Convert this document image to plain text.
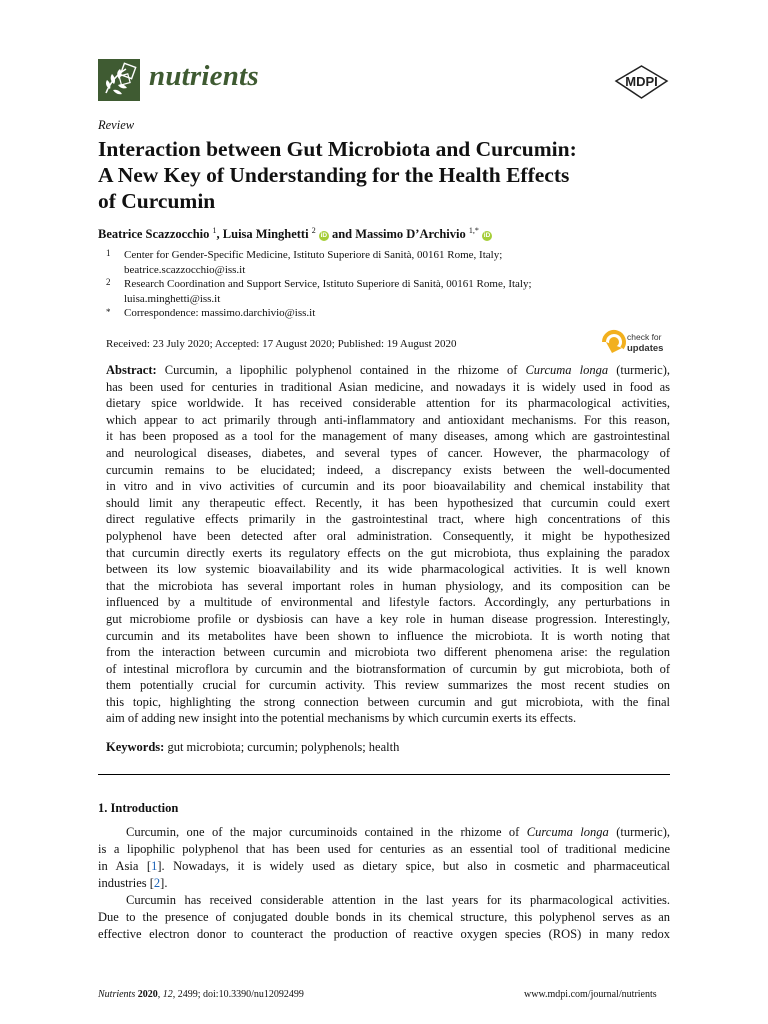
nutrients	MDPI
Review
Interaction between Gut Microbiota and Curcumin:
A New Key of Understanding for the Health Effects
of Curcumin
Beatrice Scazzocchio $^1$, Luisa Minghetti $^2$ iD and Massimo D’Archivio $^{1,*}$ iD
1 Center for Gender-Specific Medicine, Istituto Superiore di Sanità, 00161 Rome, Italy;
beatrice.scazzocchio@iss.it
2 Research Coordination and Support Service, Istituto Superiore di Sanità, 00161 Rome, Italy;
luisa.minghetti@iss.it
* Correspondence: massimo.darchivio@iss.it
Received: 23 July 2020; Accepted: 17 August 2020; Published: 19 August 2020
check for
updates
Abstract: Curcumin, a lipophilic polyphenol contained in the rhizome of Curcuma longa (turmeric),
has been used for centuries in traditional Asian medicine, and nowadays it is widely used in food as
dietary spice worldwide. It has received considerable attention for its pharmacological activities,
which appear to act primarily through anti-inflammatory and antioxidant mechanisms. For this reason,
it has been proposed as a tool for the management of many diseases, among which are gastrointestinal
and neurological diseases, diabetes, and several types of cancer. However, the pharmacology of
curcumin remains to be elucidated; indeed, a discrepancy exists between the well-documented
in vitro and in vivo activities of curcumin and its poor bioavailability and chemical instability that
should limit any therapeutic effect. Recently, it has been hypothesized that curcumin could exert
direct regulative effects primarily in the gastrointestinal tract, where high concentrations of this
polyphenol have been detected after oral administration. Consequently, it might be hypothesized
that curcumin directly exerts its regulatory effects on the gut microbiota, thus explaining the paradox
between its low systemic bioavailability and its wide pharmacological activities. It is well known
that the microbiota has several important roles in human physiology, and its composition can be
influenced by a multitude of environmental and lifestyle factors. Accordingly, any perturbations in
gut microbiome profile or dysbiosis can have a key role in human disease progression. Interestingly,
curcumin and its metabolites have been shown to influence the microbiota. It is worth noting that
from the interaction between curcumin and microbiota two different phenomena arise: the regulation
of intestinal microflora by curcumin and the biotransformation of curcumin by gut microbiota, both of
them potentially crucial for curcumin activity. This review summarizes the most recent studies on
this topic, highlighting the strong connection between curcumin and gut microbiota, with the final
aim of adding new insight into the potential mechanisms by which curcumin exerts its effects.
Keywords: gut microbiota; curcumin; polyphenols; health
1. Introduction
Curcumin, one of the major curcuminoids contained in the rhizome of Curcuma longa (turmeric),
is a lipophilic polyphenol that has been used for centuries as an essential tool of traditional medicine
in Asia [1]. Nowadays, it is widely used as dietary spice, but also in cosmetic and pharmaceutical
industries [2].
Curcumin has received considerable attention in the last years for its pharmacological activities.
Due to the presence of conjugated double bonds in its chemical structure, this polyphenol serves as an
effective electron donor to counteract the production of reactive oxygen species (ROS) in many redox
Nutrients 2020, 12, 2499; doi:10.3390/nu12092499	www.mdpi.com/journal/nutrients
